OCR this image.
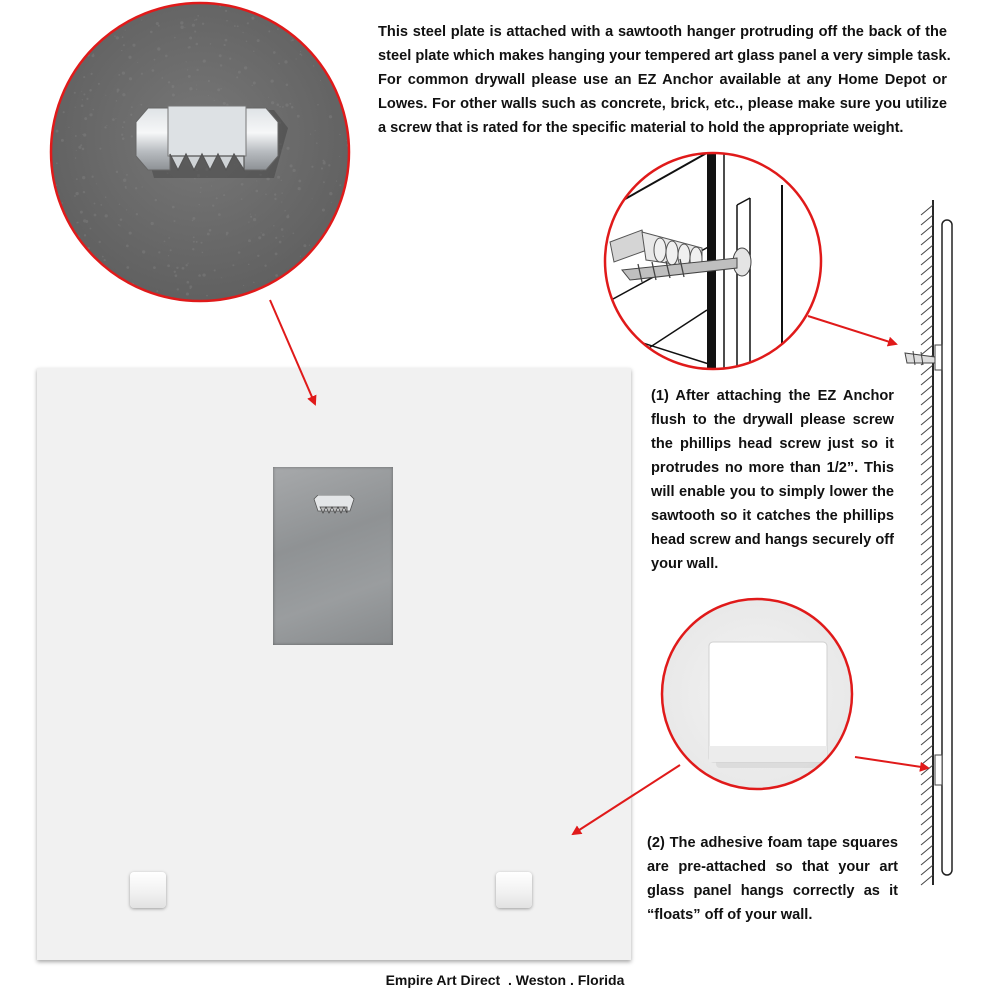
This steel plate is attached with a sawtooth hanger protruding off the back of the
steel plate which makes hanging your tempered art glass panel a very simple task.
For common drywall please use an EZ Anchor available at any Home Depot or
Lowes. For other walls such as concrete, brick, etc., please make sure you utilize
a screw that is rated for the specific material to hold the appropriate weight.
(1) After attaching the EZ Anchor
flush to the drywall please screw
the phillips head screw just so it
protrudes no more than 1/2”. This
will enable you to simply lower the
sawtooth so it catches the phillips
head screw and hangs securely off
your wall.
(2) The adhesive foam tape squares
are pre-attached so that your art
glass panel hangs correctly as it
“floats” off of your wall.
Empire Art Direct  . Weston . Florida
